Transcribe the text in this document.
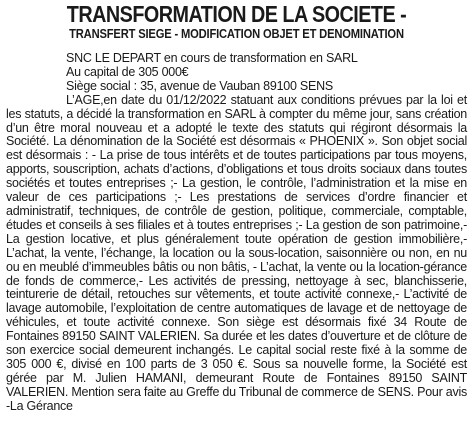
TRANSFORMATION DE LA SOCIETE -
TRANSFERT SIEGE - MODIFICATION OBJET ET DENOMINATION
SNC LE DEPART en cours de transformation en SARL
Au capital de 305 000€
Siège social : 35, avenue de Vauban 89100 SENS

L’AGE,en date du 01/12/2022 statuant aux conditions prévues par la loi et les statuts, a décidé la transformation en SARL à compter du même jour, sans création d’un être moral nouveau et a adopté le texte des statuts qui régiront désormais la Société. La dénomination de la Société est désormais « PHOENIX ». Son objet social est désormais : - La prise de tous intérêts et de toutes participations par tous moyens, apports, souscription, achats d’actions, d’obligations et tous droits sociaux dans toutes sociétés et toutes entreprises ;- La gestion, le contrôle, l’administration et la mise en valeur de ces participations ;- Les prestations de services d’ordre financier et administratif, techniques, de contrôle de gestion, politique, commerciale, comptable, études et conseils à ses filiales et à toutes entreprises ;- La gestion de son patrimoine,- La gestion locative, et plus généralement toute opération de gestion immobilière,- L’achat, la vente, l’échange, la location ou la sous-location, saisonnière ou non, en nu ou en meublé d’immeubles bâtis ou non bâtis, - L’achat, la vente ou la location-gérance de fonds de commerce,- Les activités de pressing, nettoyage à sec, blanchisserie, teinturerie de détail, retouches sur vêtements, et toute activité connexe,- L’activité de lavage automobile, l’exploitation de centre automatiques de lavage et de nettoyage de véhicules, et toute activité connexe. Son siège est désormais fixé 34 Route de Fontaines 89150 SAINT VALERIEN. Sa durée et les dates d’ouverture et de clôture de son exercice social demeurent inchangés. Le capital social reste fixé à la somme de 305 000 €, divisé en 100 parts de 3 050 €. Sous sa nouvelle forme, la Société est gérée par M. Julien HAMANI, demeurant Route de Fontaines 89150 SAINT VALERIEN. Mention sera faite au Greffe du Tribunal de commerce de SENS. Pour avis -La Gérance
